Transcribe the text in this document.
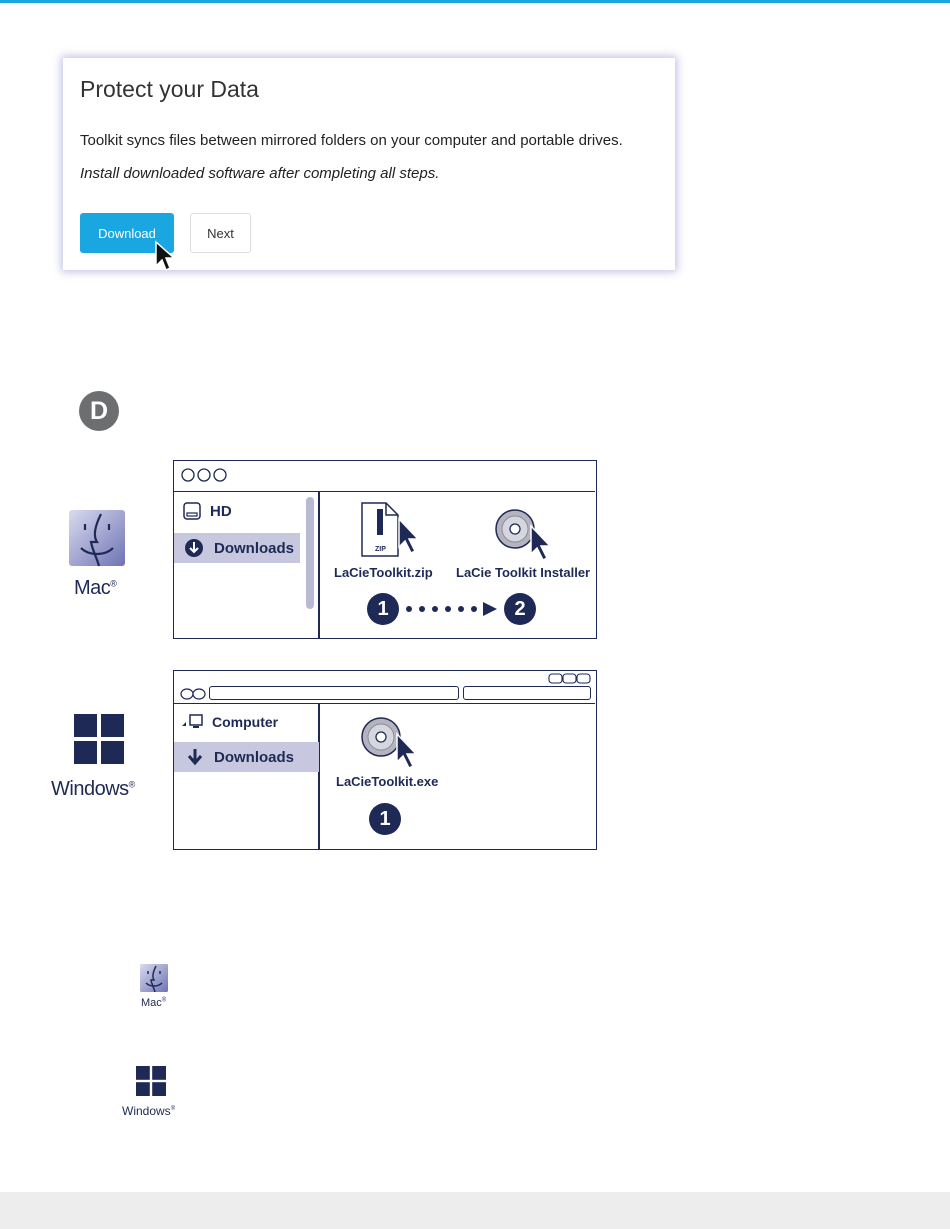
Protect your Data
Toolkit syncs files between mirrored folders on your computer and portable drives.
Install downloaded software after completing all steps.
Download	Next
D
Mac®
HD
Downloads	ZIP
LaCieToolkit.zip LaCie Toolkit Installer
1	2
Windows®
Computer
Downloads
LaCieToolkit.exe
1
Mac®
Windows®
